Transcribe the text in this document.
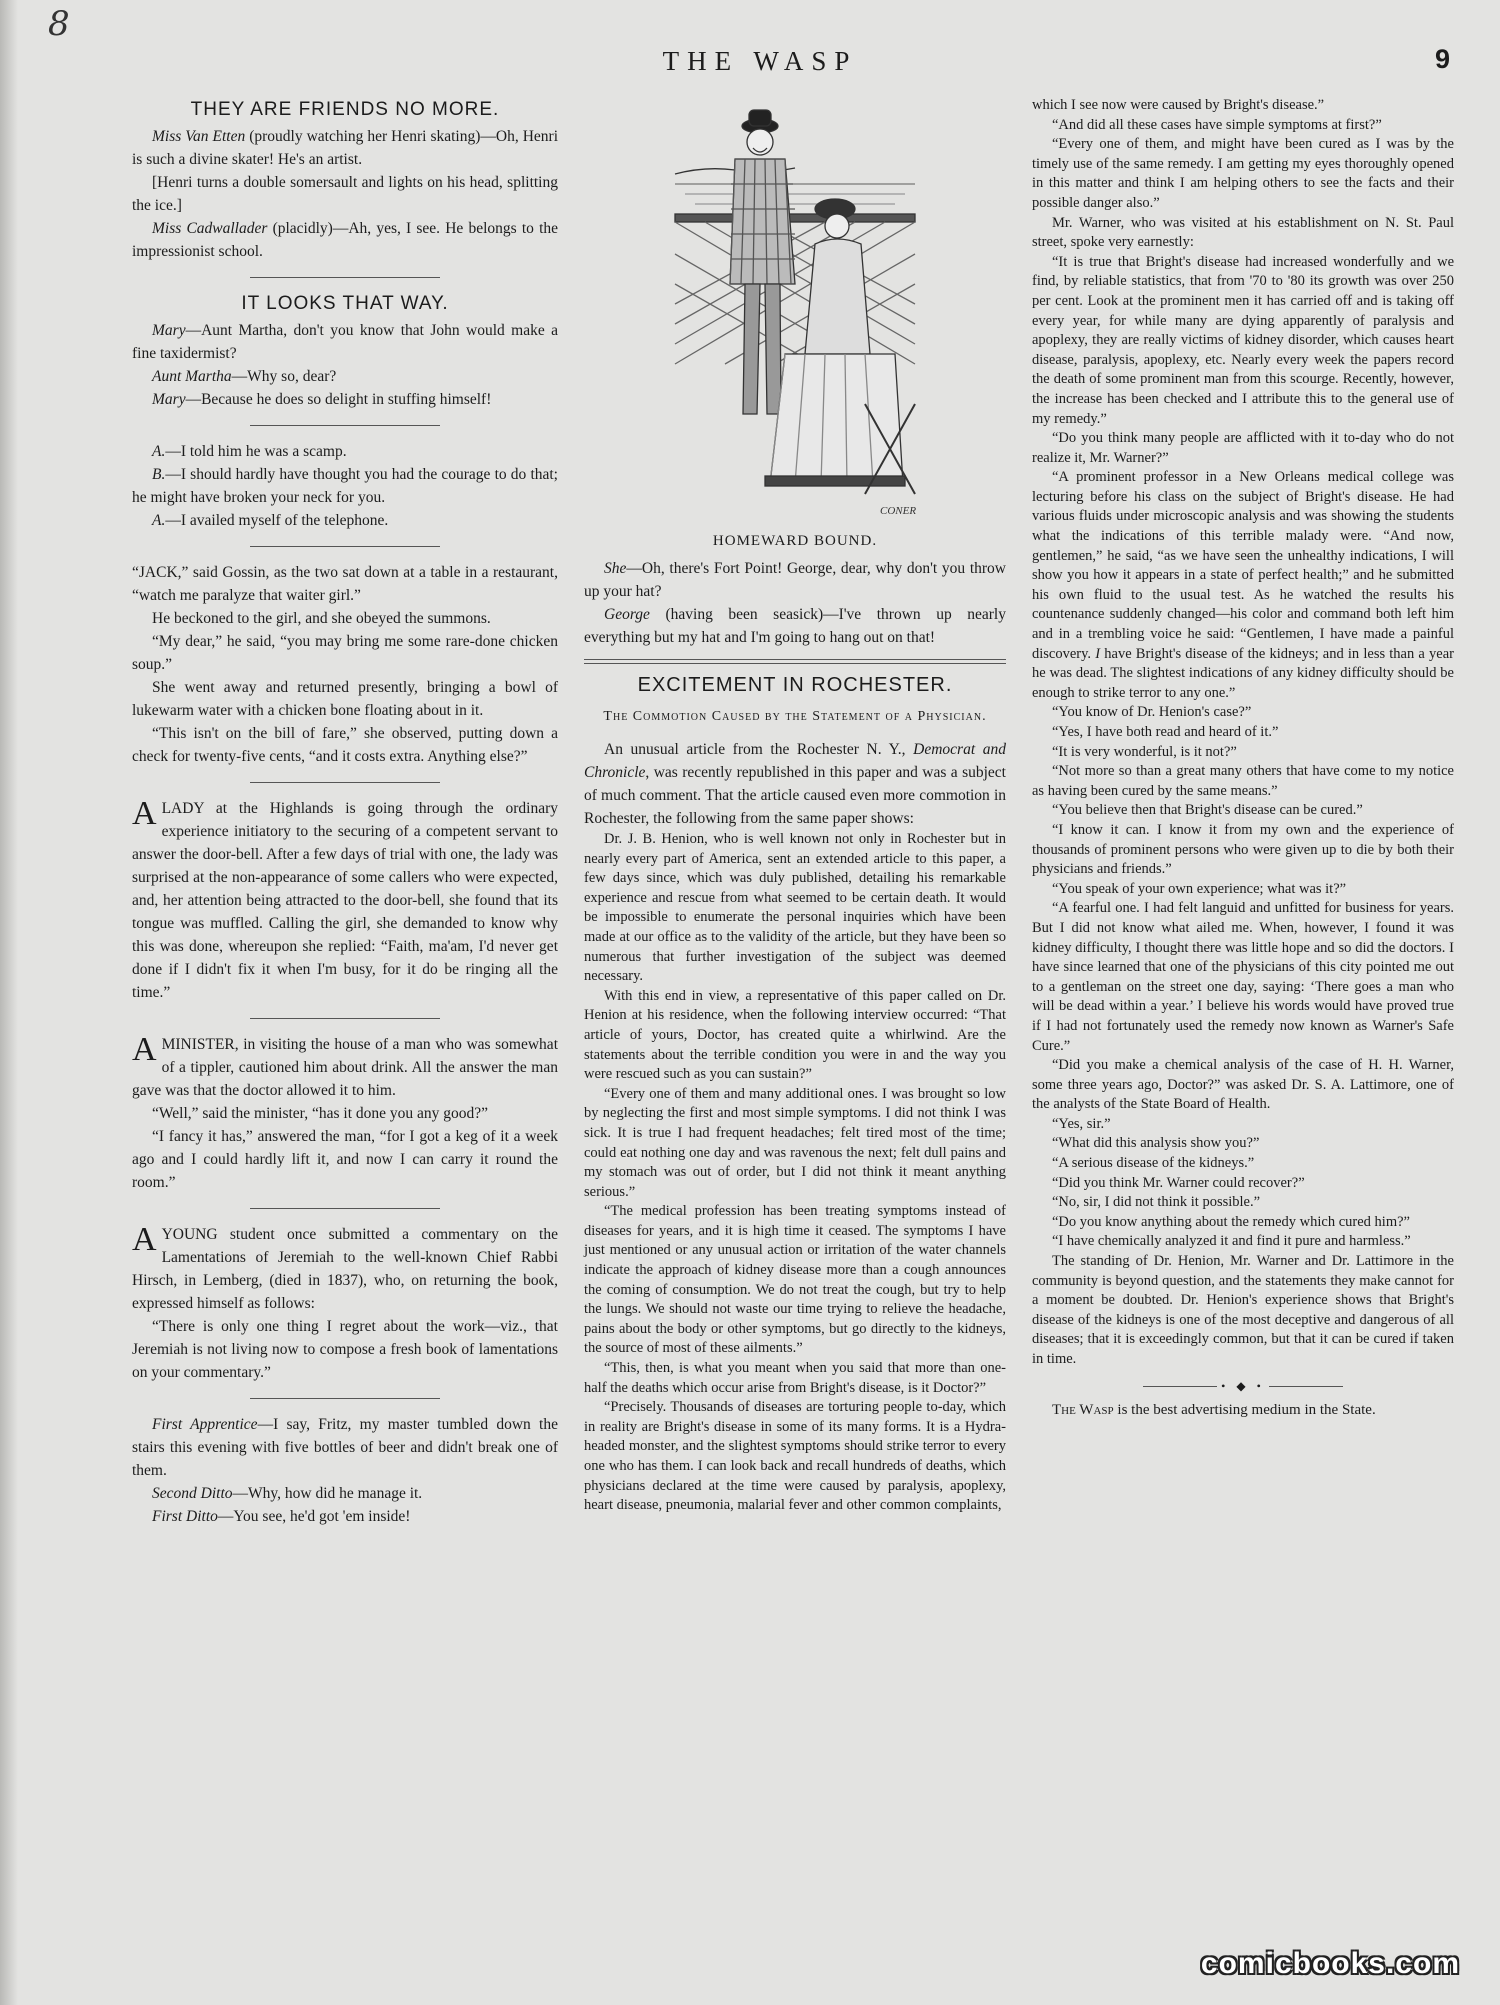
8
THE WASP	9
THEY ARE FRIENDS NO MORE.

Miss Van Etten (proudly watching her Henri skating)—Oh, Henri is such a divine skater! He's an artist.

[Henri turns a double somersault and lights on his head, splitting the ice.]

Miss Cadwallader (placidly)—Ah, yes, I see. He belongs to the impressionist school.

IT LOOKS THAT WAY.

Mary—Aunt Martha, don't you know that John would make a fine taxidermist?

Aunt Martha—Why so, dear?

Mary—Because he does so delight in stuffing himself!

A.—I told him he was a scamp.

B.—I should hardly have thought you had the courage to do that; he might have broken your neck for you.

A.—I availed myself of the telephone.

“JACK,” said Gossin, as the two sat down at a table in a restaurant, “watch me paralyze that waiter girl.”

He beckoned to the girl, and she obeyed the summons.

“My dear,” he said, “you may bring me some rare-done chicken soup.”

She went away and returned presently, bringing a bowl of lukewarm water with a chicken bone floating about in it.

“This isn't on the bill of fare,” she observed, putting down a check for twenty-five cents, “and it costs extra. Anything else?”

ALADY at the Highlands is going through the ordinary experience initiatory to the securing of a competent servant to answer the door-bell. After a few days of trial with one, the lady was surprised at the non-appearance of some callers who were expected, and, her attention being attracted to the door-bell, she found that its tongue was muffled. Calling the girl, she demanded to know why this was done, whereupon she replied: “Faith, ma'am, I'd never get done if I didn't fix it when I'm busy, for it do be ringing all the time.”

AMINISTER, in visiting the house of a man who was somewhat of a tippler, cautioned him about drink. All the answer the man gave was that the doctor allowed it to him.

“Well,” said the minister, “has it done you any good?”

“I fancy it has,” answered the man, “for I got a keg of it a week ago and I could hardly lift it, and now I can carry it round the room.”

AYOUNG student once submitted a commentary on the Lamentations of Jeremiah to the well-known Chief Rabbi Hirsch, in Lemberg, (died in 1837), who, on returning the book, expressed himself as follows:

“There is only one thing I regret about the work—viz., that Jeremiah is not living now to compose a fresh book of lamentations on your commentary.”

First Apprentice—I say, Fritz, my master tumbled down the stairs this evening with five bottles of beer and didn't break one of them.

Second Ditto—Why, how did he manage it.

First Ditto—You see, he'd got 'em inside!

CONER
HOMEWARD BOUND.

She—Oh, there's Fort Point! George, dear, why don't you throw up your hat?

George (having been seasick)—I've thrown up nearly everything but my hat and I'm going to hang out on that!

EXCITEMENT IN ROCHESTER.
The Commotion Caused by the Statement of a Physician.

An unusual article from the Rochester N. Y., Democrat and Chronicle, was recently republished in this paper and was a subject of much comment. That the article caused even more commotion in Rochester, the following from the same paper shows:

Dr. J. B. Henion, who is well known not only in Rochester but in nearly every part of America, sent an extended article to this paper, a few days since, which was duly published, detailing his remarkable experience and rescue from what seemed to be certain death. It would be impossible to enumerate the personal inquiries which have been made at our office as to the validity of the article, but they have been so numerous that further investigation of the subject was deemed necessary.

With this end in view, a representative of this paper called on Dr. Henion at his residence, when the following interview occurred: “That article of yours, Doctor, has created quite a whirlwind. Are the statements about the terrible condition you were in and the way you were rescued such as you can sustain?”

“Every one of them and many additional ones. I was brought so low by neglecting the first and most simple symptoms. I did not think I was sick. It is true I had frequent headaches; felt tired most of the time; could eat nothing one day and was ravenous the next; felt dull pains and my stomach was out of order, but I did not think it meant anything serious.”

“The medical profession has been treating symptoms instead of diseases for years, and it is high time it ceased. The symptoms I have just mentioned or any unusual action or irritation of the water channels indicate the approach of kidney disease more than a cough announces the coming of consumption. We do not treat the cough, but try to help the lungs. We should not waste our time trying to relieve the headache, pains about the body or other symptoms, but go directly to the kidneys, the source of most of these ailments.”

“This, then, is what you meant when you said that more than one-half the deaths which occur arise from Bright's disease, is it Doctor?”

“Precisely. Thousands of diseases are torturing people to-day, which in reality are Bright's disease in some of its many forms. It is a Hydra-headed monster, and the slightest symptoms should strike terror to every one who has them. I can look back and recall hundreds of deaths, which physicians declared at the time were caused by paralysis, apoplexy, heart disease, pneumonia, malarial fever and other common complaints,

which I see now were caused by Bright's disease.”

“And did all these cases have simple symptoms at first?”

“Every one of them, and might have been cured as I was by the timely use of the same remedy. I am getting my eyes thoroughly opened in this matter and think I am helping others to see the facts and their possible danger also.”

Mr. Warner, who was visited at his establishment on N. St. Paul street, spoke very earnestly:

“It is true that Bright's disease had increased wonderfully and we find, by reliable statistics, that from '70 to '80 its growth was over 250 per cent. Look at the prominent men it has carried off and is taking off every year, for while many are dying apparently of paralysis and apoplexy, they are really victims of kidney disorder, which causes heart disease, paralysis, apoplexy, etc. Nearly every week the papers record the death of some prominent man from this scourge. Recently, however, the increase has been checked and I attribute this to the general use of my remedy.”

“Do you think many people are afflicted with it to-day who do not realize it, Mr. Warner?”

“A prominent professor in a New Orleans medical college was lecturing before his class on the subject of Bright's disease. He had various fluids under microscopic analysis and was showing the students what the indications of this terrible malady were. “And now, gentlemen,” he said, “as we have seen the unhealthy indications, I will show you how it appears in a state of perfect health;” and he submitted his own fluid to the usual test. As he watched the results his countenance suddenly changed—his color and command both left him and in a trembling voice he said: “Gentlemen, I have made a painful discovery. I have Bright's disease of the kidneys; and in less than a year he was dead. The slightest indications of any kidney difficulty should be enough to strike terror to any one.”

“You know of Dr. Henion's case?”

“Yes, I have both read and heard of it.”

“It is very wonderful, is it not?”

“Not more so than a great many others that have come to my notice as having been cured by the same means.”

“You believe then that Bright's disease can be cured.”

“I know it can. I know it from my own and the experience of thousands of prominent persons who were given up to die by both their physicians and friends.”

“You speak of your own experience; what was it?”

“A fearful one. I had felt languid and unfitted for business for years. But I did not know what ailed me. When, however, I found it was kidney difficulty, I thought there was little hope and so did the doctors. I have since learned that one of the physicians of this city pointed me out to a gentleman on the street one day, saying: ‘There goes a man who will be dead within a year.’ I believe his words would have proved true if I had not fortunately used the remedy now known as Warner's Safe Cure.”

“Did you make a chemical analysis of the case of H. H. Warner, some three years ago, Doctor?” was asked Dr. S. A. Lattimore, one of the analysts of the State Board of Health.

“Yes, sir.”

“What did this analysis show you?”

“A serious disease of the kidneys.”

“Did you think Mr. Warner could recover?”

“No, sir, I did not think it possible.”

“Do you know anything about the remedy which cured him?”

“I have chemically analyzed it and find it pure and harmless.”

The standing of Dr. Henion, Mr. Warner and Dr. Lattimore in the community is beyond question, and the statements they make cannot for a moment be doubted. Dr. Henion's experience shows that Bright's disease of the kidneys is one of the most deceptive and dangerous of all diseases; that it is exceedingly common, but that it can be cured if taken in time.

• ◆ •

The Wasp is the best advertising medium in the State.

comicbooks.com
